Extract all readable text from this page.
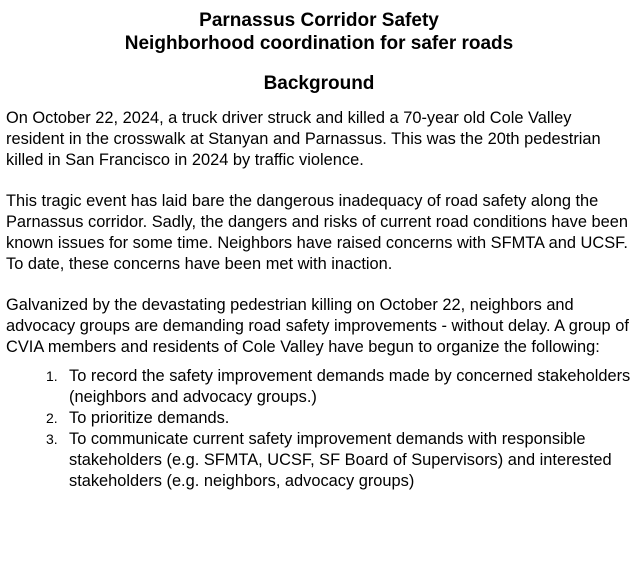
Parnassus Corridor Safety

Neighborhood coordination for safer roads

Background

On October 22, 2024, a truck driver struck and killed a 70-year old Cole Valley resident in the crosswalk at Stanyan and Parnassus. This was the 20th pedestrian killed in San Francisco in 2024 by traffic violence.

This tragic event has laid bare the dangerous inadequacy of road safety along the Parnassus corridor. Sadly, the dangers and risks of current road conditions have been known issues for some time. Neighbors have raised concerns with SFMTA and UCSF. To date, these concerns have been met with inaction.

Galvanized by the devastating pedestrian killing on October 22, neighbors and advocacy groups are demanding road safety improvements - without delay. A group of CVIA members and residents of Cole Valley have begun to organize the following:

1. To record the safety improvement demands made by concerned stakeholders (neighbors and advocacy groups.)
2. To prioritize demands.
3. To communicate current safety improvement demands with responsible stakeholders (e.g. SFMTA, UCSF, SF Board of Supervisors) and interested stakeholders (e.g. neighbors, advocacy groups)
